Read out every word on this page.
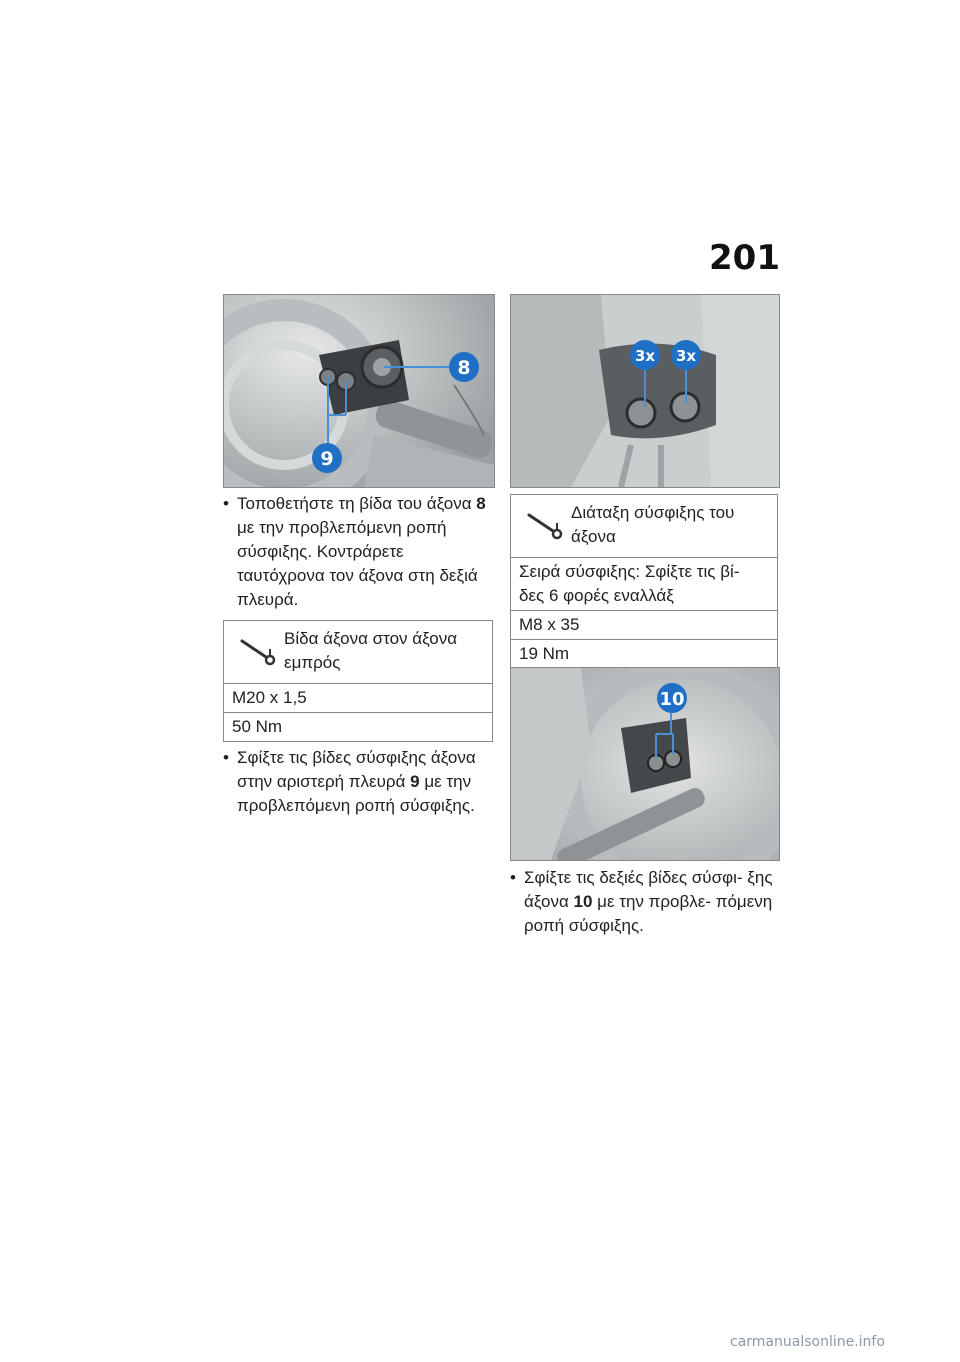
201
8
9

• Τοποθετήστε τη βίδα του άξονα 8 με την προβλεπόμενη ροπή σύσφιξης. Κοντράρετε ταυτόχρονα τον άξονα στη δεξιά πλευρά.

Βίδα άξονα στον άξονα εμπρός

M20 x 1,5
50 Nm

• Σφίξτε τις βίδες σύσφιξης άξονα στην αριστερή πλευρά 9 με την προβλεπόμενη ροπή σύσφιξης.

3x 3x
Διάταξη σύσφιξης του άξονα

Σειρά σύσφιξης: Σφίξτε τις βί- δες 6 φορές εναλλάξ
M8 x 35
19 Nm
10

• Σφίξτε τις δεξιές βίδες σύσφι- ξης άξονα 10 με την προβλε- πόμενη ροπή σύσφιξης.

carmanualsonline.info
